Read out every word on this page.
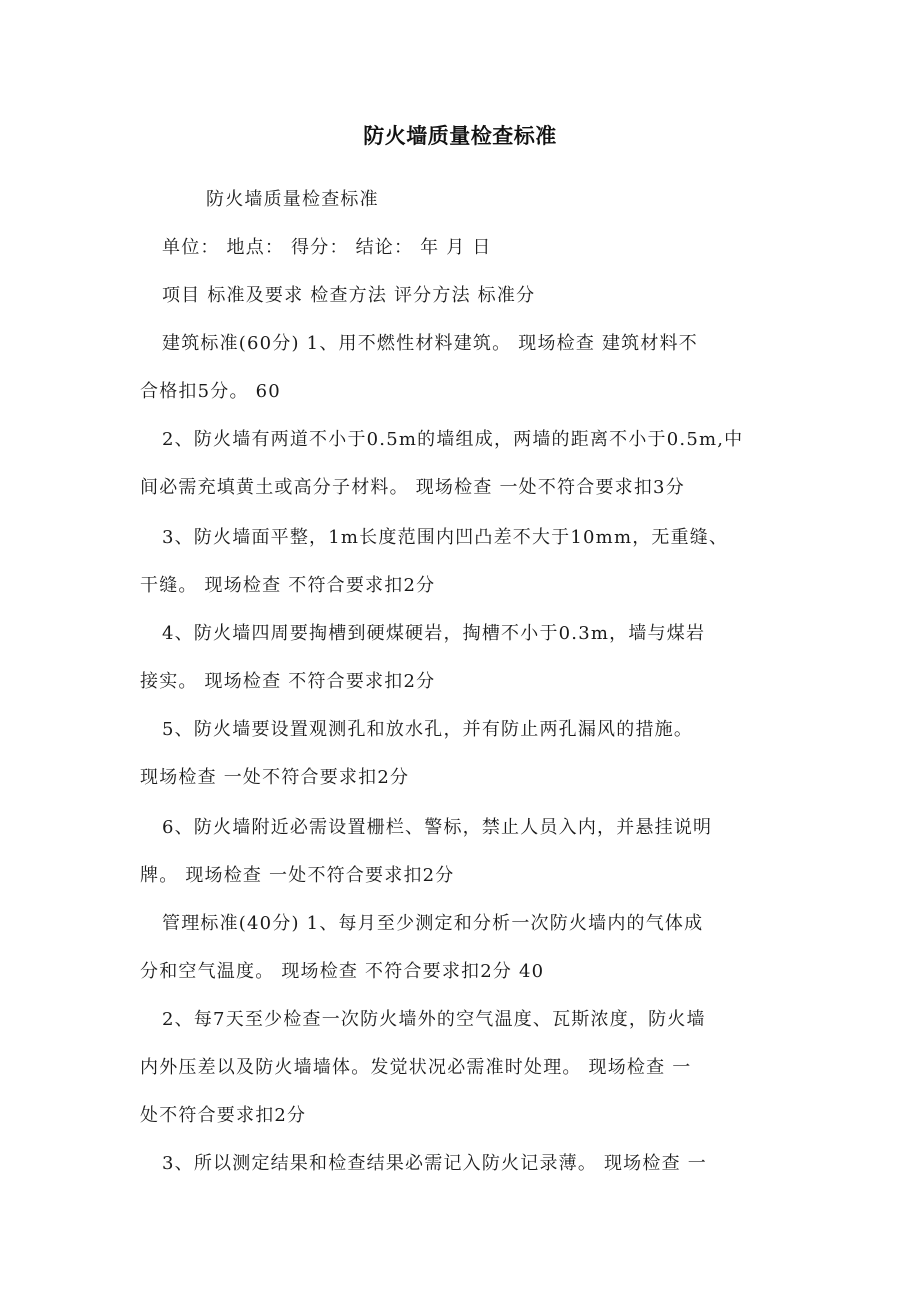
防火墙质量检查标准
防火墙质量检查标准
单位： 地点： 得分： 结论： 年 月 日
项目 标准及要求 检查方法 评分方法 标准分
建筑标准(60分) 1、用不燃性材料建筑。 现场检查 建筑材料不
合格扣5分。 60
2、防火墙有两道不小于0.5m的墙组成，两墙的距离不小于0.5m,中
间必需充填黄土或高分子材料。 现场检查 一处不符合要求扣3分
3、防火墙面平整，1m长度范围内凹凸差不大于10mm，无重缝、
干缝。 现场检查 不符合要求扣2分
4、防火墙四周要掏槽到硬煤硬岩，掏槽不小于0.3m，墙与煤岩
接实。 现场检查 不符合要求扣2分
5、防火墙要设置观测孔和放水孔，并有防止两孔漏风的措施。
现场检查 一处不符合要求扣2分
6、防火墙附近必需设置栅栏、警标，禁止人员入内，并悬挂说明
牌。 现场检查 一处不符合要求扣2分
管理标准(40分) 1、每月至少测定和分析一次防火墙内的气体成
分和空气温度。 现场检查 不符合要求扣2分 40
2、每7天至少检查一次防火墙外的空气温度、瓦斯浓度，防火墙
内外压差以及防火墙墙体。发觉状况必需准时处理。 现场检查 一
处不符合要求扣2分
3、所以测定结果和检查结果必需记入防火记录薄。 现场检查 一
